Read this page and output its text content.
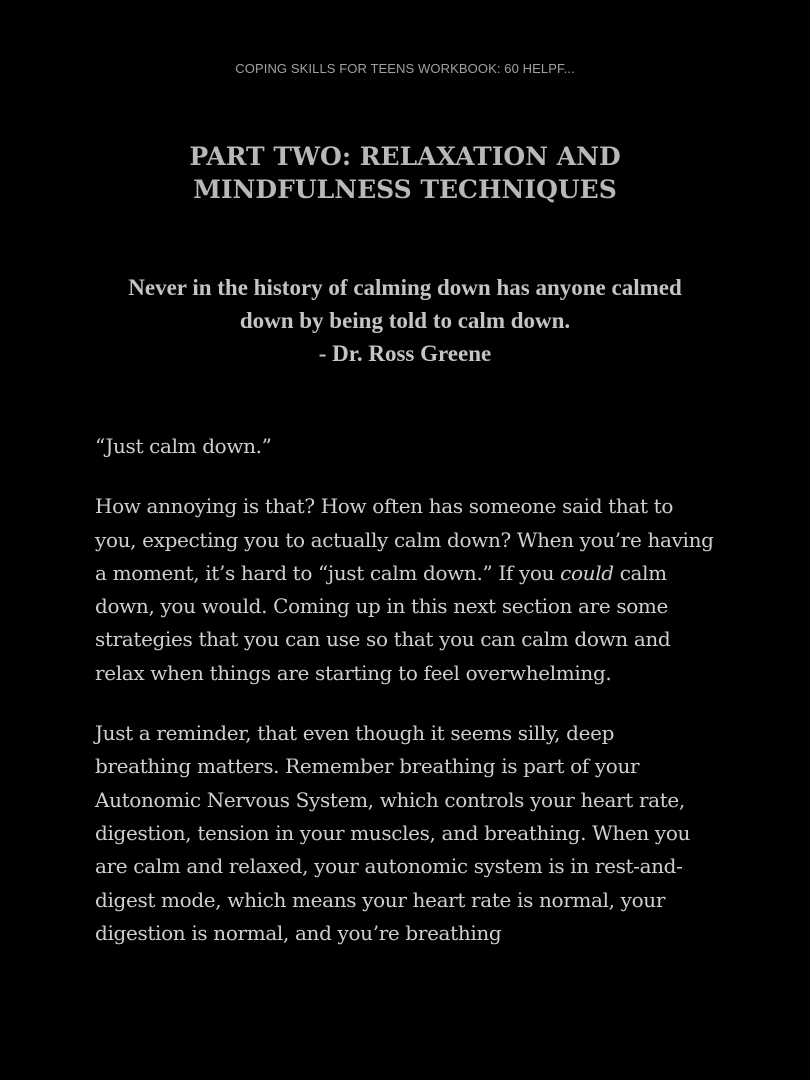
COPING SKILLS FOR TEENS WORKBOOK: 60 HELPF...
PART TWO: RELAXATION AND
MINDFULNESS TECHNIQUES
Never in the history of calming down has anyone calmed
down by being told to calm down.
- Dr. Ross Greene

“Just calm down.”

How annoying is that? How often has someone said that to you, expecting you to actually calm down? When you’re having a moment, it’s hard to “just calm down.” If you could calm down, you would. Coming up in this next section are some strategies that you can use so that you can calm down and relax when things are starting to feel overwhelming.

Just a reminder, that even though it seems silly, deep breathing matters. Remember breathing is part of your Autonomic Nervous System, which controls your heart rate, digestion, tension in your muscles, and breathing. When you are calm and relaxed, your autonomic system is in rest-and-digest mode, which means your heart rate is normal, your digestion is normal, and you’re breathing
